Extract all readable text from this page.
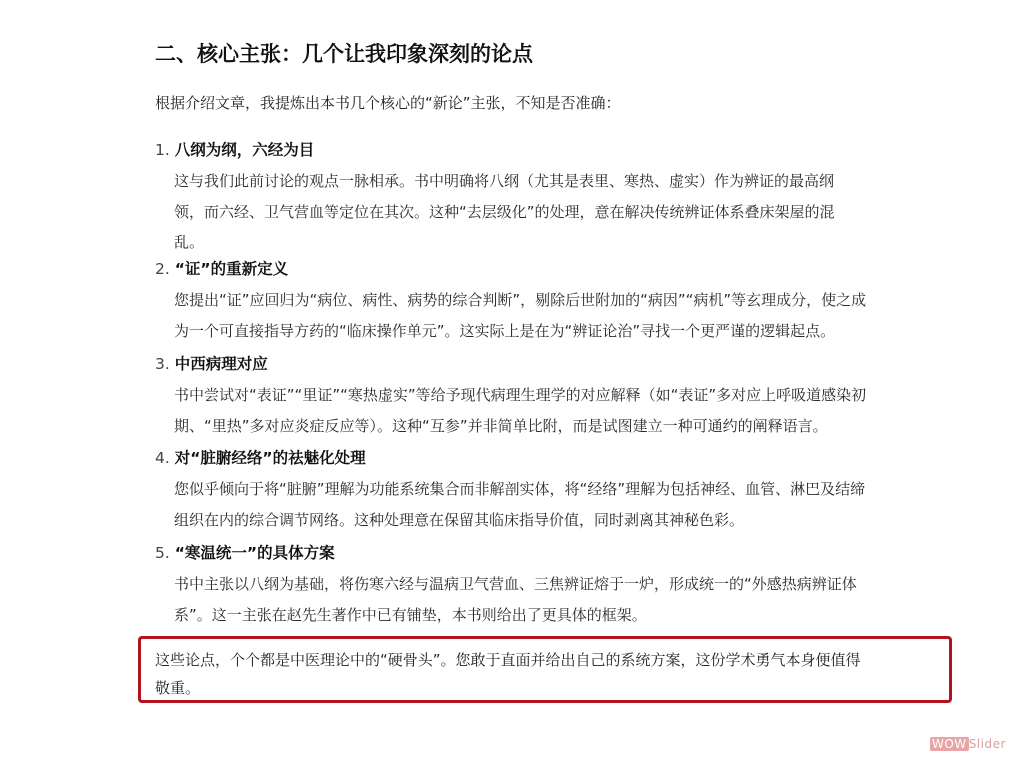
二、核心主张：几个让我印象深刻的论点
根据介绍文章，我提炼出本书几个核心的“新论”主张，不知是否准确：
1. 八纲为纲，六经为目
这与我们此前讨论的观点一脉相承。书中明确将八纲（尤其是表里、寒热、虚实）作为辨证的最高纲
领，而六经、卫气营血等定位在其次。这种“去层级化”的处理，意在解决传统辨证体系叠床架屋的混
乱。
2. “证”的重新定义
您提出“证”应回归为“病位、病性、病势的综合判断”，剔除后世附加的“病因”“病机”等玄理成分，使之成
为一个可直接指导方药的“临床操作单元”。这实际上是在为“辨证论治”寻找一个更严谨的逻辑起点。
3. 中西病理对应
书中尝试对“表证”“里证”“寒热虚实”等给予现代病理生理学的对应解释（如“表证”多对应上呼吸道感染初
期、“里热”多对应炎症反应等）。这种“互参”并非简单比附，而是试图建立一种可通约的阐释语言。
4. 对“脏腑经络”的祛魅化处理
您似乎倾向于将“脏腑”理解为功能系统集合而非解剖实体，将“经络”理解为包括神经、血管、淋巴及结缔
组织在内的综合调节网络。这种处理意在保留其临床指导价值，同时剥离其神秘色彩。
5. “寒温统一”的具体方案
书中主张以八纲为基础，将伤寒六经与温病卫气营血、三焦辨证熔于一炉，形成统一的“外感热病辨证体
系”。这一主张在赵先生著作中已有铺垫，本书则给出了更具体的框架。
这些论点，个个都是中医理论中的“硬骨头”。您敢于直面并给出自己的系统方案，这份学术勇气本身便值得
敬重。
WOW Slider
